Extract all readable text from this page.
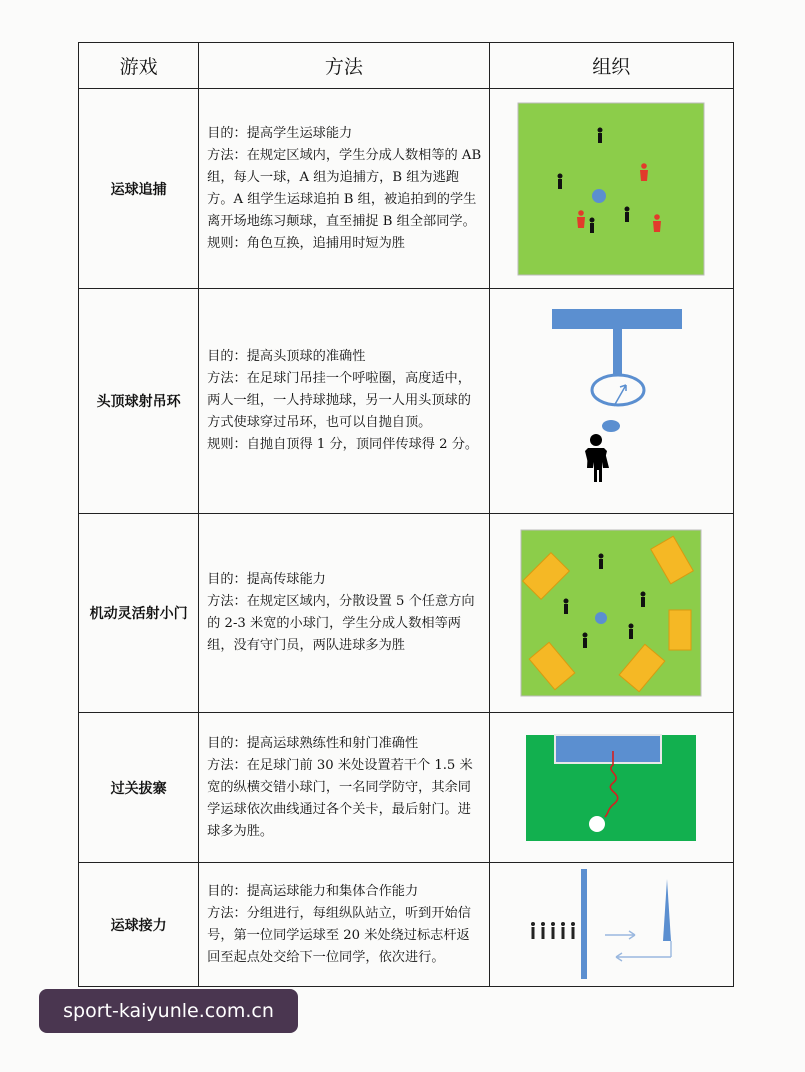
游戏	方法	组织
运球追捕	目的：提高学生运球能力

方法：在规定区域内，学生分成人数相等的 AB 组，每人一球，A 组为追捕方，B 组为逃跑方。A 组学生运球追拍 B 组，被追拍到的学生离开场地练习颠球，直至捕捉 B 组全部同学。

规则：角色互换，追捕用时短为胜

头顶球射吊环	目的：提高头顶球的准确性

方法：在足球门吊挂一个呼啦圈，高度适中，两人一组，一人持球抛球，另一人用头顶球的方式使球穿过吊环，也可以自抛自顶。

规则：自抛自顶得 1 分，顶同伴传球得 2 分。

机动灵活射小门	目的：提高传球能力

方法：在规定区域内，分散设置 5 个任意方向的 2-3 米宽的小球门，学生分成人数相等两组，没有守门员，两队进球多为胜

过关拔寨	目的：提高运球熟练性和射门准确性

方法：在足球门前 30 米处设置若干个 1.5 米宽的纵横交错小球门，一名同学防守，其余同学运球依次曲线通过各个关卡，最后射门。进球多为胜。

运球接力	目的：提高运球能力和集体合作能力

方法：分组进行，每组纵队站立，听到开始信号，第一位同学运球至 20 米处绕过标志杆返回至起点处交给下一位同学，依次进行。

sport-kaiyunle.com.cn
